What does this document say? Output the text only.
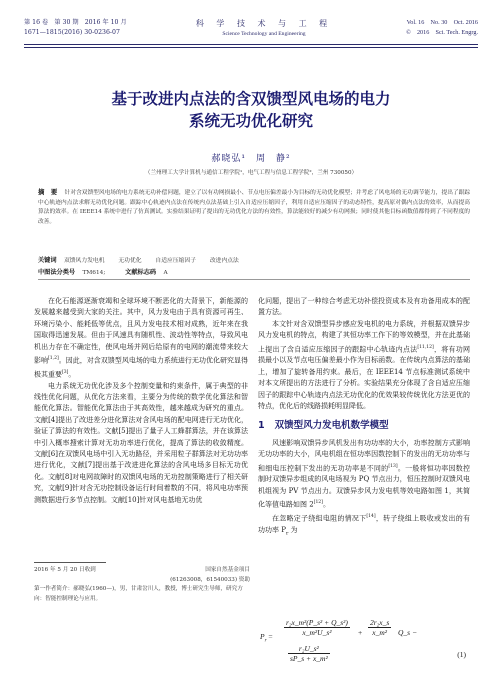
第 16 卷　第 30 期　2016 年 10 月
1671—1815(2016) 30-0236-07
科 学 技 术 与 工 程
Science Technology and Engineering
Vol. 16　No. 30　Oct. 2016
©　2016　Sci. Tech. Engrg.
基于改进内点法的含双馈型风电场的电力
系统无功优化研究
郝晓弘¹　周　静²
（兰州理工大学计算机与通信工程学院¹，电气工程与信息工程学院²，兰州 730050）
摘　要 针对含双馈型风电场的电力系统无功补偿问题，建立了以有功网损最小、节点电压偏差最小为目标的无功优化模型；并考虑了风电场的无功调节能力，提出了跟踪中心轨迹内点法求解无功优化问题。跟踪中心轨迹内点法在传统内点法基础上引入自适应压缩因子，利用自适应压缩因子的动态特性，提高原对偶内点法的效率，从而提高算法的效率。在 IEEE14 系统中进行了仿真测试。实验结果证明了提出的无功优化方法的有效性，算法能较好的减少有功网损；同时使其他目标函数值都得到了不同程度的改善。
关键词 双馈风力发电机 无功优化 自适应压缩因子 改进内点法
中图法分类号 TM614;	文献标志码 A

在化石能源逐渐衰竭和全球环境不断恶化的大背景下，新能源的发展越来越受到大家的关注。其中，风力发电由于具有资源可再生、环境污染小、能耗低等优点，且风力发电技术相对成熟，近年来在我国取得迅速发展。但由于风速具有随机性、波动性等特点，导致风电机出力存在不确定性，使风电场并网后给原有的电网的潮流带来较大影响[1,2]。因此，对含双馈型风电场的电力系统进行无功优化研究显得极其重要[3]。

电力系统无功优化涉及多个控制变量和约束条件，属于典型的非线性优化问题，从优化方法来看，主要分为传统的数学优化算法和智能优化算法。智能优化算法由于其高效性，越来越成为研究的重点。文献[4]提出了改进差分进化算法对含风电场的配电网进行无功优化，验证了算法的有效性。文献[5]提出了量子人工蜂群算法，并在该算法中引入概率搜索计算对无功功率进行优化，提高了算法的收敛精度。文献[6]在双馈风电场中引入无功路径，并采用粒子群算法对无功功率进行优化，文献[7]提出基于改进进化算法的含风电场多目标无功优化。文献[8]对电网故障时的双馈风电场的无功控制策略进行了相关研究，文献[9]针对含无功控制设备运行时间着数的不同，将风电功率预测数据进行多节点控制。文献[10]针对风电基地无功优

2016 年 5 月 20 日收到	国家自然基金项目
(61263008，61540033) 资助
第一作者简介：郝晓弘(1960—)，男，甘肃岔川人，教授，博士研究生导师，研究方向：智能控制理论与应用。

化问题，提出了一种综合考虑无功补偿投资成本及有功备用成本的配置方法。

本文针对含双馈型异步感应发电机的电力系统，并根据双馈异步风力发电机的特点，构建了其恒功率工作下的等效模型，并在此基础上提出了含自适应压缩因子的跟踪中心轨迹内点法[11,12]，将有功网损最小以及节点电压偏差最小作为目标函数。在传统内点算法的基础上，增加了旋转备用约束。最后，在 IEEE14 节点标准测试系统中对本文所提出的方法进行了分析。实验结果充分体现了含自适应压缩因子的跟踪中心轨迹内点法无功优化的优效果较传统优化方法更优的特点，优化后的线路损耗明显降低。

1 双馈型风力发电机数学模型

风速影响双馈异步风机发出有功功率的大小，功率控制方式影响无功功率的大小，风电机组在恒功率因数控制下的发出的无功功率与和细电压控制下发出的无功功率是不同的[13]。一般将恒功率因数控制时双馈异步组成的风电场视为 PQ 节点出力，恒压控制时双馈风电机组视为 PV 节点出力。双馈异步风力发电机等效电路如图 1，其简化等值电路如图 2[12]。

在忽略定子绕组电阻的情况下[14]，转子绕组上吸收或发出的有功功率 $P_r$ 为

$P_r = \frac{\text{r₂x\_m²(P\_s² + Q\_s²)}}{\text{x\_m²U\_s²}} + \frac{\text{2r₂x\_s}}{\text{x\_m²}}$ Q_s −
$\frac{\text{r₂U\_s²}}{\text{sP\_s + x\_m²}}$	(1)
